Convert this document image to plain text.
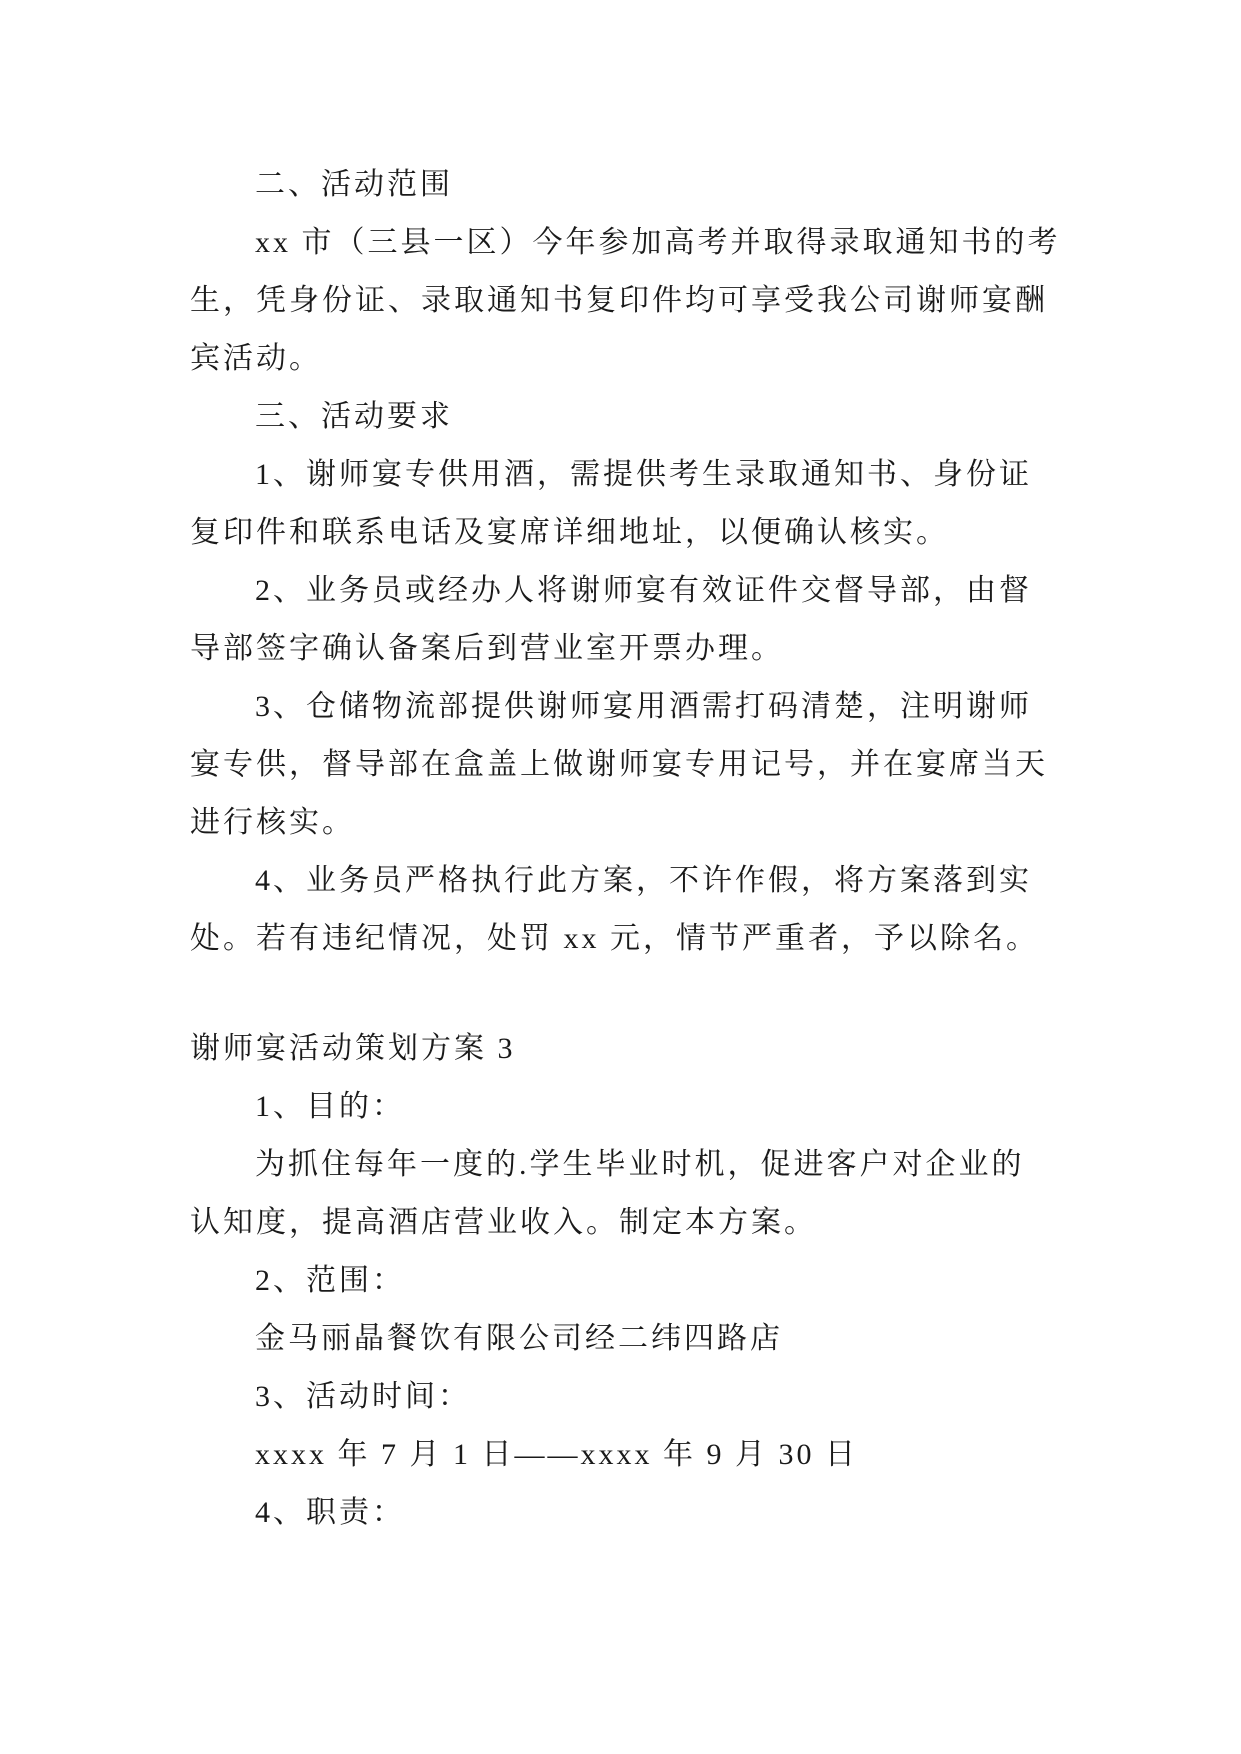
二、活动范围
xx 市（三县一区）今年参加高考并取得录取通知书的考
生，凭身份证、录取通知书复印件均可享受我公司谢师宴酬
宾活动。
三、活动要求
1、谢师宴专供用酒，需提供考生录取通知书、身份证
复印件和联系电话及宴席详细地址，以便确认核实。
2、业务员或经办人将谢师宴有效证件交督导部，由督
导部签字确认备案后到营业室开票办理。
3、仓储物流部提供谢师宴用酒需打码清楚，注明谢师
宴专供，督导部在盒盖上做谢师宴专用记号，并在宴席当天
进行核实。
4、业务员严格执行此方案，不许作假，将方案落到实
处。若有违纪情况，处罚 xx 元，情节严重者，予以除名。
谢师宴活动策划方案 3
1、目的：
为抓住每年一度的.学生毕业时机，促进客户对企业的
认知度，提高酒店营业收入。制定本方案。
2、范围：
金马丽晶餐饮有限公司经二纬四路店
3、活动时间：
xxxx 年 7 月 1 日——xxxx 年 9 月 30 日
4、职责：
